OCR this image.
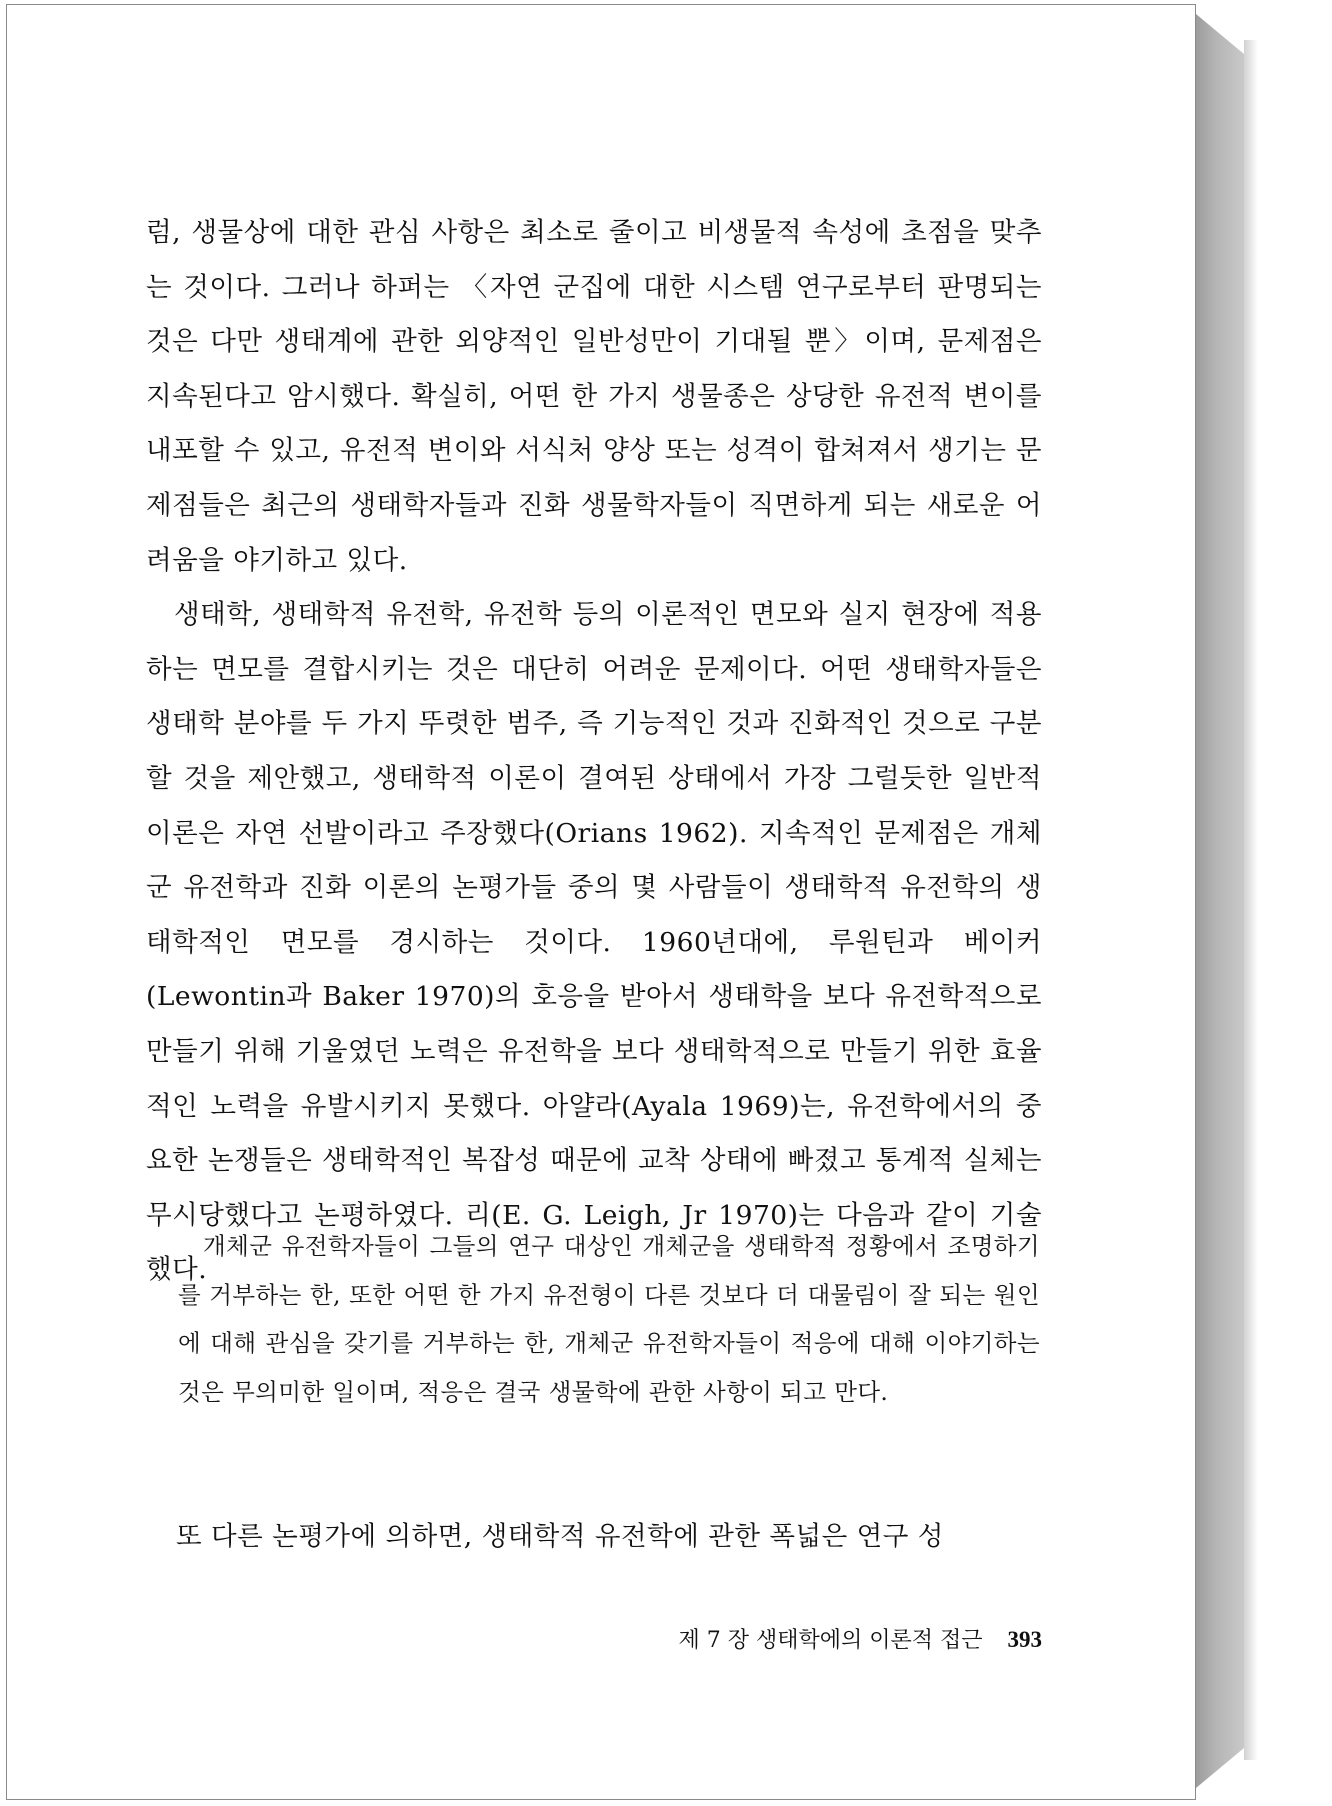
럼, 생물상에 대한 관심 사항은 최소로 줄이고 비생물적 속성에 초점을 맞추는 것이다. 그러나 하퍼는 〈자연 군집에 대한 시스템 연구로부터 판명되는 것은 다만 생태계에 관한 외양적인 일반성만이 기대될 뿐〉이며, 문제점은 지속된다고 암시했다. 확실히, 어떤 한 가지 생물종은 상당한 유전적 변이를 내포할 수 있고, 유전적 변이와 서식처 양상 또는 성격이 합쳐져서 생기는 문제점들은 최근의 생태학자들과 진화 생물학자들이 직면하게 되는 새로운 어려움을 야기하고 있다.

생태학, 생태학적 유전학, 유전학 등의 이론적인 면모와 실지 현장에 적용하는 면모를 결합시키는 것은 대단히 어려운 문제이다. 어떤 생태학자들은 생태학 분야를 두 가지 뚜렷한 범주, 즉 기능적인 것과 진화적인 것으로 구분할 것을 제안했고, 생태학적 이론이 결여된 상태에서 가장 그럴듯한 일반적 이론은 자연 선발이라고 주장했다(Orians 1962). 지속적인 문제점은 개체군 유전학과 진화 이론의 논평가들 중의 몇 사람들이 생태학적 유전학의 생태학적인 면모를 경시하는 것이다. 1960년대에, 루원틴과 베이커(Lewontin과 Baker 1970)의 호응을 받아서 생태학을 보다 유전학적으로 만들기 위해 기울였던 노력은 유전학을 보다 생태학적으로 만들기 위한 효율적인 노력을 유발시키지 못했다. 아얄라(Ayala 1969)는, 유전학에서의 중요한 논쟁들은 생태학적인 복잡성 때문에 교착 상태에 빠졌고 통계적 실체는 무시당했다고 논평하였다. 리(E. G. Leigh, Jr 1970)는 다음과 같이 기술했다.

개체군 유전학자들이 그들의 연구 대상인 개체군을 생태학적 정황에서 조명하기를 거부하는 한, 또한 어떤 한 가지 유전형이 다른 것보다 더 대물림이 잘 되는 원인에 대해 관심을 갖기를 거부하는 한, 개체군 유전학자들이 적응에 대해 이야기하는 것은 무의미한 일이며, 적응은 결국 생물학에 관한 사항이 되고 만다.

또 다른 논평가에 의하면, 생태학적 유전학에 관한 폭넓은 연구 성

제 7 장 생태학에의 이론적 접근 393
